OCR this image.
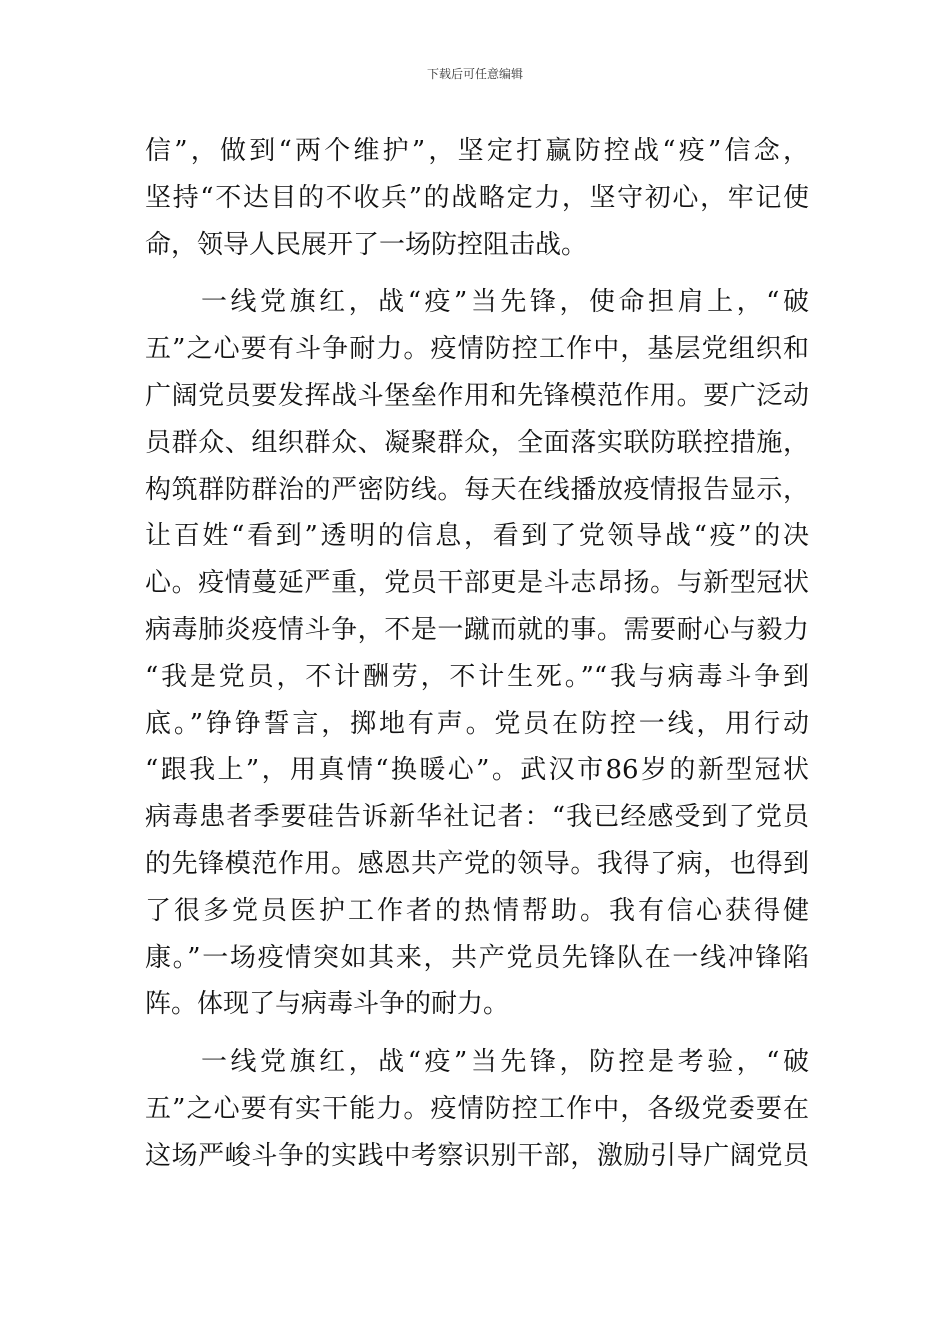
下载后可任意编辑
信”，做到“两个维护”，坚定打赢防控战“疫”信念，
坚持“不达目的不收兵”的战略定力，坚守初心，牢记使
命，领导人民展开了一场防控阻击战。
一线党旗红，战“疫”当先锋，使命担肩上，“破
五”之心要有斗争耐力。疫情防控工作中，基层党组织和
广阔党员要发挥战斗堡垒作用和先锋模范作用。要广泛动
员群众、组织群众、凝聚群众，全面落实联防联控措施，
构筑群防群治的严密防线。每天在线播放疫情报告显示，
让百姓“看到”透明的信息，看到了党领导战“疫”的决
心。疫情蔓延严重，党员干部更是斗志昂扬。与新型冠状
病毒肺炎疫情斗争，不是一蹴而就的事。需要耐心与毅力
“我是党员，不计酬劳，不计生死。”“我与病毒斗争到
底。”铮铮誓言，掷地有声。党员在防控一线，用行动
“跟我上”，用真情“换暖心”。武汉市86岁的新型冠状
病毒患者季要硅告诉新华社记者：“我已经感受到了党员
的先锋模范作用。感恩共产党的领导。我得了病，也得到
了很多党员医护工作者的热情帮助。我有信心获得健
康。”一场疫情突如其来，共产党员先锋队在一线冲锋陷
阵。体现了与病毒斗争的耐力。
一线党旗红，战“疫”当先锋，防控是考验，“破
五”之心要有实干能力。疫情防控工作中，各级党委要在
这场严峻斗争的实践中考察识别干部，激励引导广阔党员
